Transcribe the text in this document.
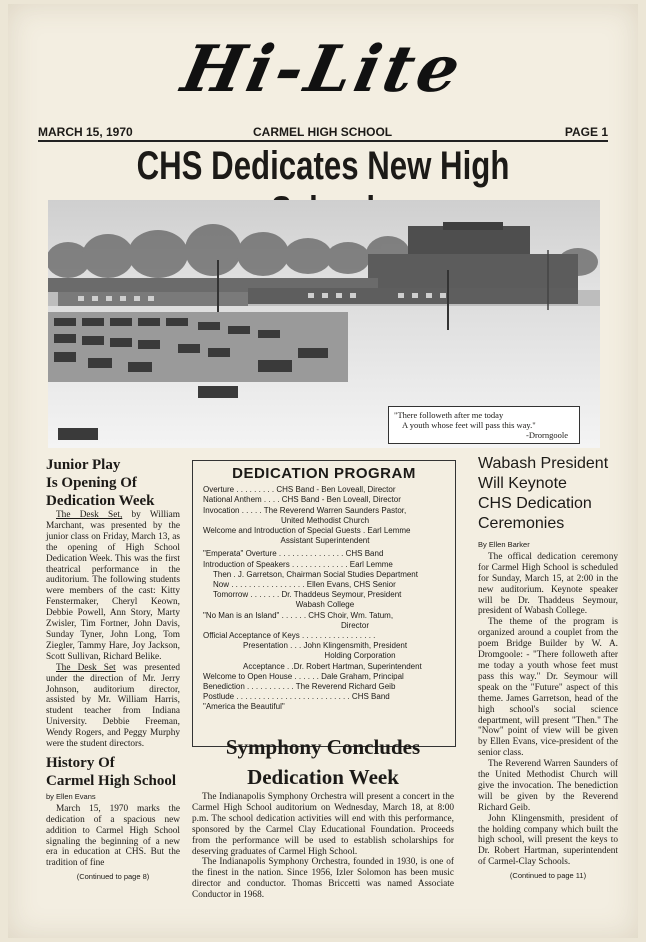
Hi-Lite
MARCH 15, 1970	CARMEL HIGH SCHOOL	PAGE 1
CHS Dedicates New High
"There followeth after me today
A youth whose feet will pass this way."
-Drorngoole
Junior Play
Is Opening Of
Dedication Week

The Desk Set, by William Marchant, was presented by the junior class on Friday, March 13, as the opening of High School Dedication Week. This was the first theatrical performance in the auditorium. The following students were members of the cast: Kitty Fenstermaker, Cheryl Keown, Debbie Powell, Ann Story, Marty Zwisler, Tim Fortner, John Davis, Sunday Tyner, John Long, Tom Ziegler, Tammy Hare, Joy Jackson, Scott Sullivan, Richard Belike.

The Desk Set was presented under the direction of Mr. Jerry Johnson, auditorium director, assisted by Mr. William Harris, student teacher from Indiana University. Debbie Freeman, Wendy Rogers, and Peggy Murphy were the student directors.

History Of
Carmel High School
by Ellen Evans

March 15, 1970 marks the dedication of a spacious new addition to Carmel High School signaling the beginning of a new era in education at CHS. But the tradition of fine

(Continued to page 8)
DEDICATION PROGRAM
Overture . . . . . . . . . CHS Band - Ben Loveall, Director
National Anthem . . . . CHS Band - Ben Loveall, Director
Invocation . . . . . The Reverend Warren Saunders Pastor,
United Methodist Church
Welcome and Introduction of Special Guests . Earl Lemme
Assistant Superintendent
"Emperata" Overture . . . . . . . . . . . . . . . CHS Band
Introduction of Speakers . . . . . . . . . . . . . Earl Lemme
Then . J. Garretson, Chairman Social Studies Department
Now . . . . . . . . . . . . . . . . . Ellen Evans, CHS Senior
Tomorrow . . . . . . . Dr. Thaddeus Seymour, President
Wabash College
"No Man is an Island" . . . . . . CHS Choir, Wm. Tatum,
Director
Official Acceptance of Keys . . . . . . . . . . . . . . . . .
Presentation . . . John Klingensmith, President
Holding Corporation
Acceptance . .Dr. Robert Hartman, Superintendent
Welcome to Open House . . . . . . Dale Graham, Principal
Benediction . . . . . . . . . . . The Reverend Richard Geib
Postlude . . . . . . . . . . . . . . . . . . . . . . . . . . CHS Band
"America the Beautiful"
Symphony Concludes
Dedication Week

The Indianapolis Symphony Orchestra will present a concert in the Carmel High School auditorium on Wednesday, March 18, at 8:00 p.m. The school dedication activities will end with this performance, sponsored by the Carmel Clay Educational Foundation. Proceeds from the performance will be used to establish scholarships for deserving graduates of Carmel High School.

The Indianapolis Symphony Orchestra, founded in 1930, is one of the finest in the nation. Since 1956, Izler Solomon has been music director and conductor. Thomas Briccetti was named Associate Conductor in 1968.

Wabash President
Will Keynote
CHS Dedication
Ceremonies
By Ellen Barker

The offical dedication ceremony for Carmel High School is scheduled for Sunday, March 15, at 2:00 in the new auditorium. Keynote speaker will be Dr. Thaddeus Seymour, president of Wabash College.

The theme of the program is organized around a couplet from the poem Bridge Builder by W. A. Dromgoole: - "There followeth after me today a youth whose feet must pass this way." Dr. Seymour will speak on the "Future" aspect of this theme. James Garretson, head of the high school's social science department, will present "Then." The "Now" point of view will be given by Ellen Evans, vice-president of the senior class.

The Reverend Warren Saunders of the United Methodist Church will give the invocation. The benediction will be given by the Reverend Richard Geib.

John Klingensmith, president of the holding company which built the high school, will present the keys to Dr. Robert Hartman, superintendent of Carmel-Clay Schools.

(Continued to page 11)
